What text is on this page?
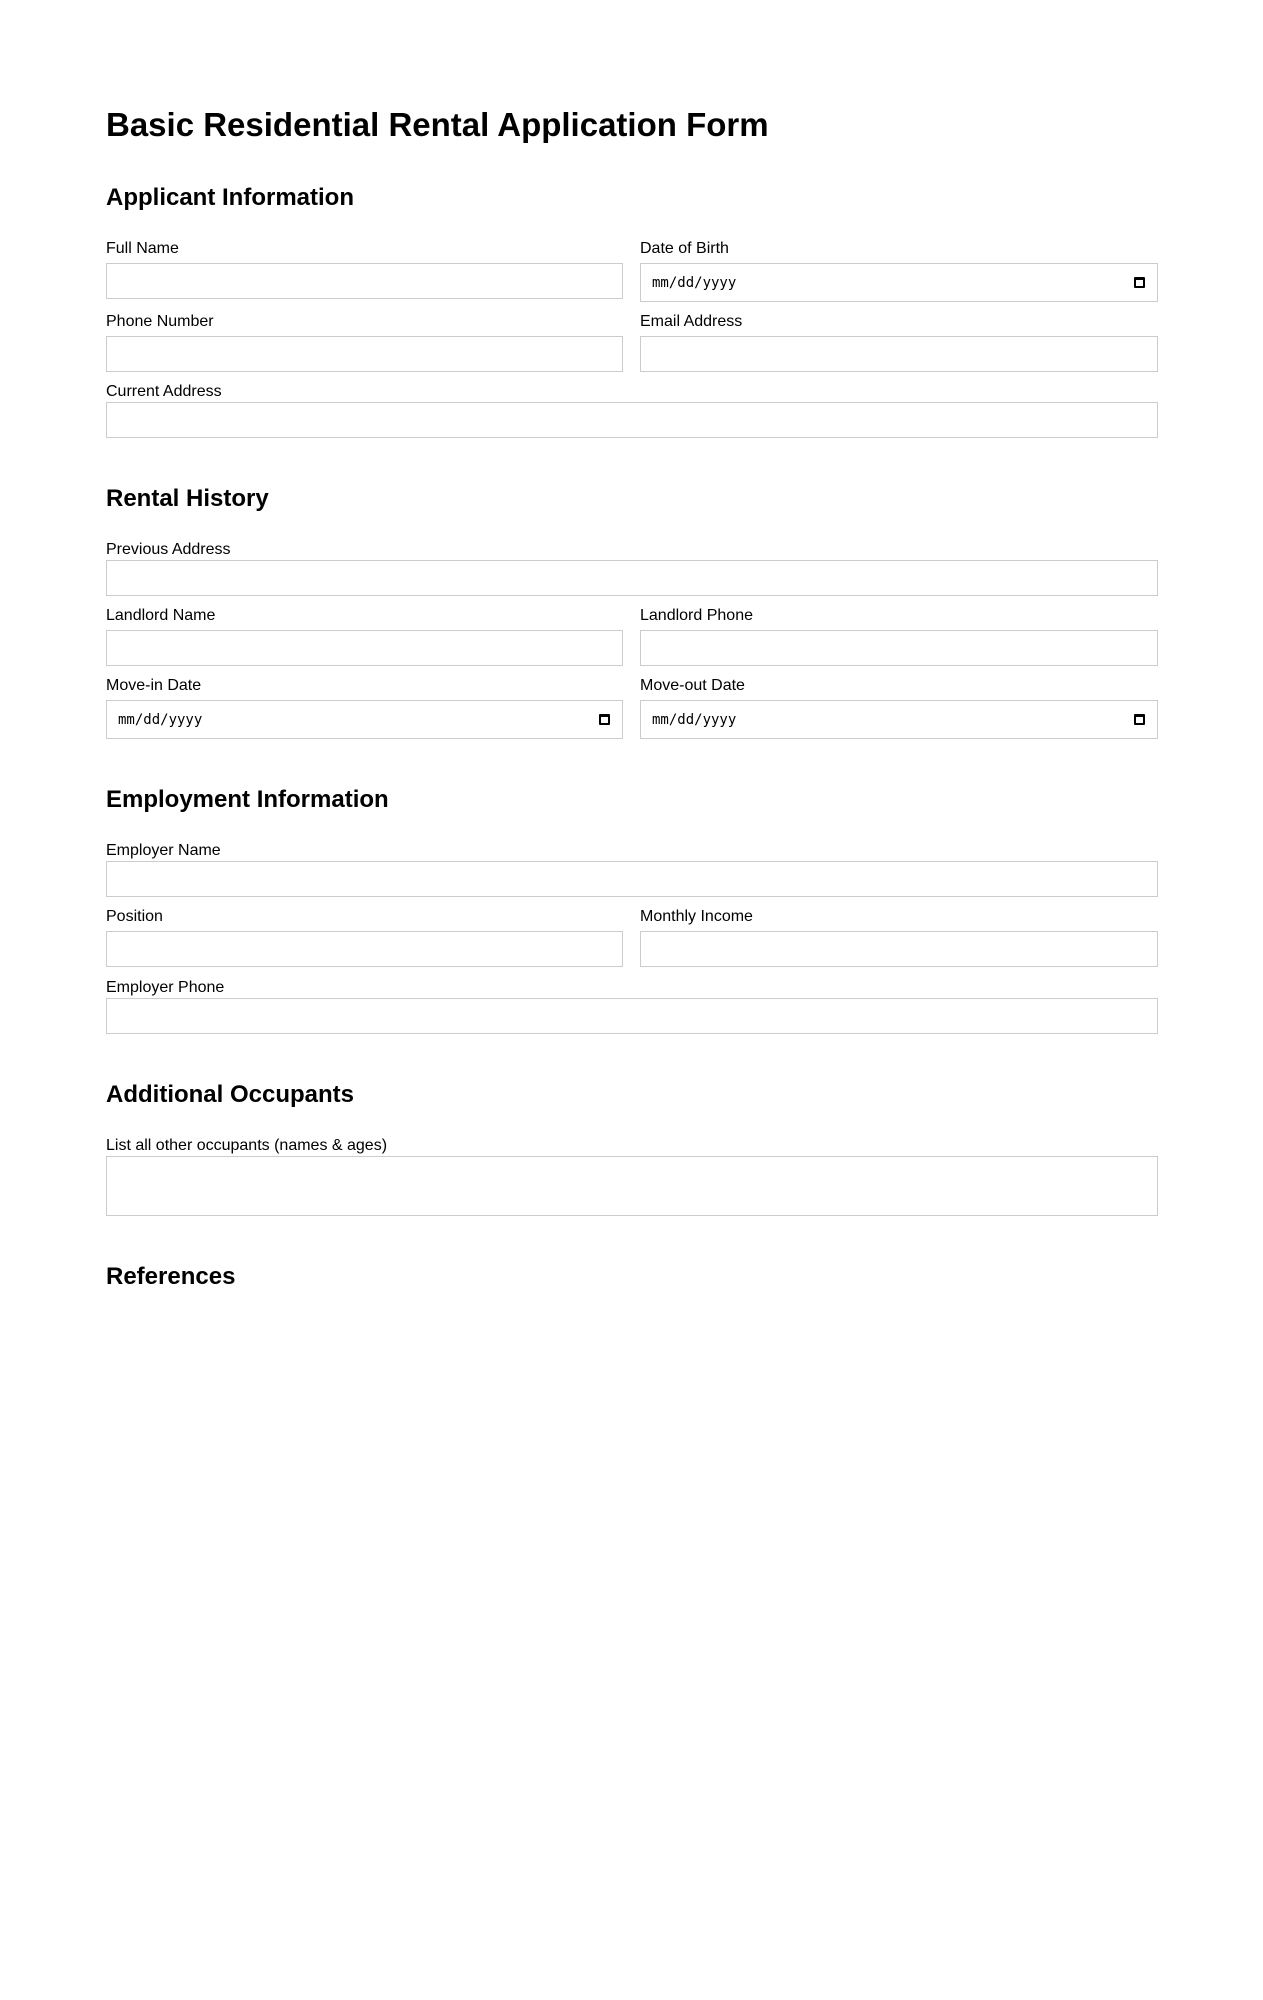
Basic Residential Rental Application Form
Applicant Information
Full Name	Date of Birth
mm/dd/yyyy
Phone Number	Email Address
Current Address
Rental History
Previous Address
Landlord Name	Landlord Phone
Move-in Date
mm/dd/yyyy
Move-out Date
mm/dd/yyyy
Employment Information
Employer Name
Position	Monthly Income
Employer Phone
Additional Occupants
List all other occupants (names & ages)
References
